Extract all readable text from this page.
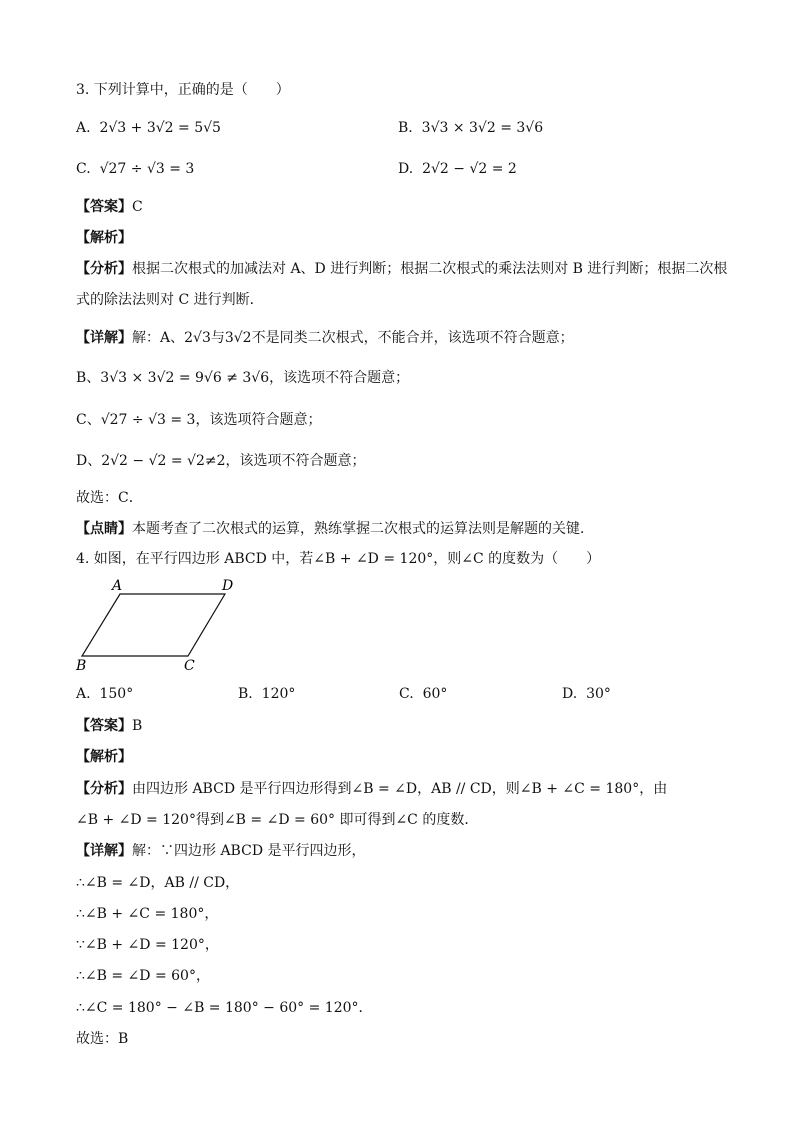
3. 下列计算中，正确的是（　　）
A. 2√3 + 3√2 = 5√5	B. 3√3 × 3√2 = 3√6
C. √27 ÷ √3 = 3	D. 2√2 − √2 = 2
【答案】C
【解析】
【分析】根据二次根式的加减法对 A、D 进行判断；根据二次根式的乘法法则对 B 进行判断；根据二次根
式的除法法则对 C 进行判断．
【详解】解：A、2√3与3√2不是同类二次根式，不能合并，该选项不符合题意；
B、3√3 × 3√2 = 9√6 ≠ 3√6，该选项不符合题意；
C、√27 ÷ √3 = 3，该选项符合题意；
D、2√2 − √2 = √2≠2，该选项不符合题意；
故选：C．
【点睛】本题考查了二次根式的运算，熟练掌握二次根式的运算法则是解题的关键．
4. 如图，在平行四边形 ABCD 中，若∠B + ∠D = 120°，则∠C 的度数为（　　）
A	D
B	C
A. 150°	B. 120°	C. 60°	D. 30°
【答案】B
【解析】
【分析】由四边形 ABCD 是平行四边形得到∠B = ∠D，AB // CD，则∠B + ∠C = 180°，由
∠B + ∠D = 120°得到∠B = ∠D = 60° 即可得到∠C 的度数．
【详解】解：∵四边形 ABCD 是平行四边形，
∴∠B = ∠D，AB // CD，
∴∠B + ∠C = 180°，
∵∠B + ∠D = 120°，
∴∠B = ∠D = 60°，
∴∠C = 180° − ∠B = 180° − 60° = 120°．
故选：B
